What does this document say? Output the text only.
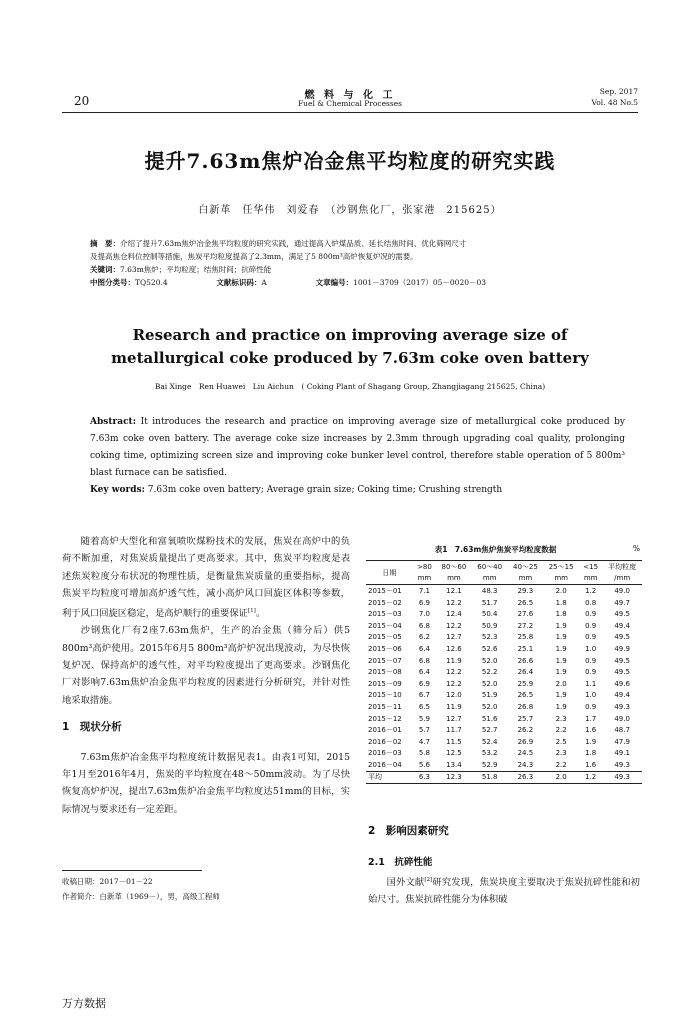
20	燃 料 与 化 工
Fuel & Chemical Processes
Sep. 2017
Vol. 48 No.5
提升7.63m焦炉冶金焦平均粒度的研究实践
白新革　任华伟　刘爱春　（沙钢焦化厂，张家港　215625）
摘　要：介绍了提升7.63m焦炉冶金焦平均粒度的研究实践，通过提高入炉煤品质、延长结焦时间、优化筛网尺寸
及提高焦仓料位控制等措施，焦炭平均粒度提高了2.3mm，满足了5 800m³高炉恢复炉况的需要。
关键词：7.63m焦炉；平均粒度；结焦时间；抗碎性能
中图分类号：TQ520.4	文献标识码：A	文章编号：1001－3709（2017）05－0020－03
Research and practice on improving average size of
metallurgical coke produced by 7.63m coke oven battery
Bai Xinge　Ren Huawei　Liu Aichun　( Coking Plant of Shagang Group, Zhangjiagang 215625, China)
Abstract: It introduces the research and practice on improving average size of metallurgical coke produced by 7.63m coke oven battery. The average coke size increases by 2.3mm through upgrading coal quality, prolonging coking time, optimizing screen size and improving coke bunker level control, therefore stable operation of 5 800m³ blast furnace can be satisfied.
Key words: 7.63m coke oven battery; Average grain size; Coking time; Crushing strength
随着高炉大型化和富氧喷吹煤粉技术的发展，焦炭在高炉中的负荷不断加重，对焦炭质量提出了更高要求。其中，焦炭平均粒度是表述焦炭粒度分布状况的物理性质，是衡量焦炭质量的重要指标，提高焦炭平均粒度可增加高炉透气性，减小高炉风口回旋区体积等参数，利于风口回旋区稳定，是高炉顺行的重要保证[1]。
沙钢焦化厂有2座7.63m焦炉，生产的冶金焦（筛分后）供5 800m³高炉使用。2015年6月5 800m³高炉炉况出现波动，为尽快恢复炉况、保持高炉的透气性，对平均粒度提出了更高要求。沙钢焦化厂对影响7.63m焦炉冶金焦平均粒度的因素进行分析研究，并针对性地采取措施。
1　现状分析
7.63m焦炉冶金焦平均粒度统计数据见表1。由表1可知，2015年1月至2016年4月，焦炭的平均粒度在48～50mm波动。为了尽快恢复高炉炉况，提出7.63m焦炉冶金焦平均粒度达51mm的目标，实际情况与要求还有一定差距。
收稿日期：2017－01－22
作者简介：白新革（1969－），男，高级工程师
表1　7.63m焦炉焦炭平均粒度数据	%
日期	>80	80～60	60～40	40～25	25～15	<15	平均粒度
	mm	mm	mm	mm	mm	mm	/mm
2015－01	7.1	12.1	48.3	29.3	2.0	1.2	49.0
2015－02	6.9	12.2	51.7	26.5	1.8	0.8	49.7
2015－03	7.0	12.4	50.4	27.6	1.8	0.9	49.5
2015－04	6.8	12.2	50.9	27.2	1.9	0.9	49.4
2015－05	6.2	12.7	52.3	25.8	1.9	0.9	49.5
2015－06	6.4	12.6	52.6	25.1	1.9	1.0	49.9
2015－07	6.8	11.9	52.0	26.6	1.9	0.9	49.5
2015－08	6.4	12.2	52.2	26.4	1.9	0.9	49.5
2015－09	6.9	12.2	52.0	25.9	2.0	1.1	49.6
2015－10	6.7	12.0	51.9	26.5	1.9	1.0	49.4
2015－11	6.5	11.9	52.0	26.8	1.9	0.9	49.3
2015－12	5.9	12.7	51.6	25.7	2.3	1.7	49.0
2016－01	5.7	11.7	52.7	26.2	2.2	1.6	48.7
2016－02	4.7	11.5	52.4	26.9	2.5	1.9	47.9
2016－03	5.8	12.5	53.2	24.5	2.3	1.8	49.1
2016－04	5.6	13.4	52.9	24.3	2.2	1.6	49.3
平均	6.3	12.3	51.8	26.3	2.0	1.2	49.3
2　影响因素研究
2.1　抗碎性能
国外文献[2]研究发现，焦炭块度主要取决于焦炭抗碎性能和初始尺寸。焦炭抗碎性能分为体积破
万方数据
